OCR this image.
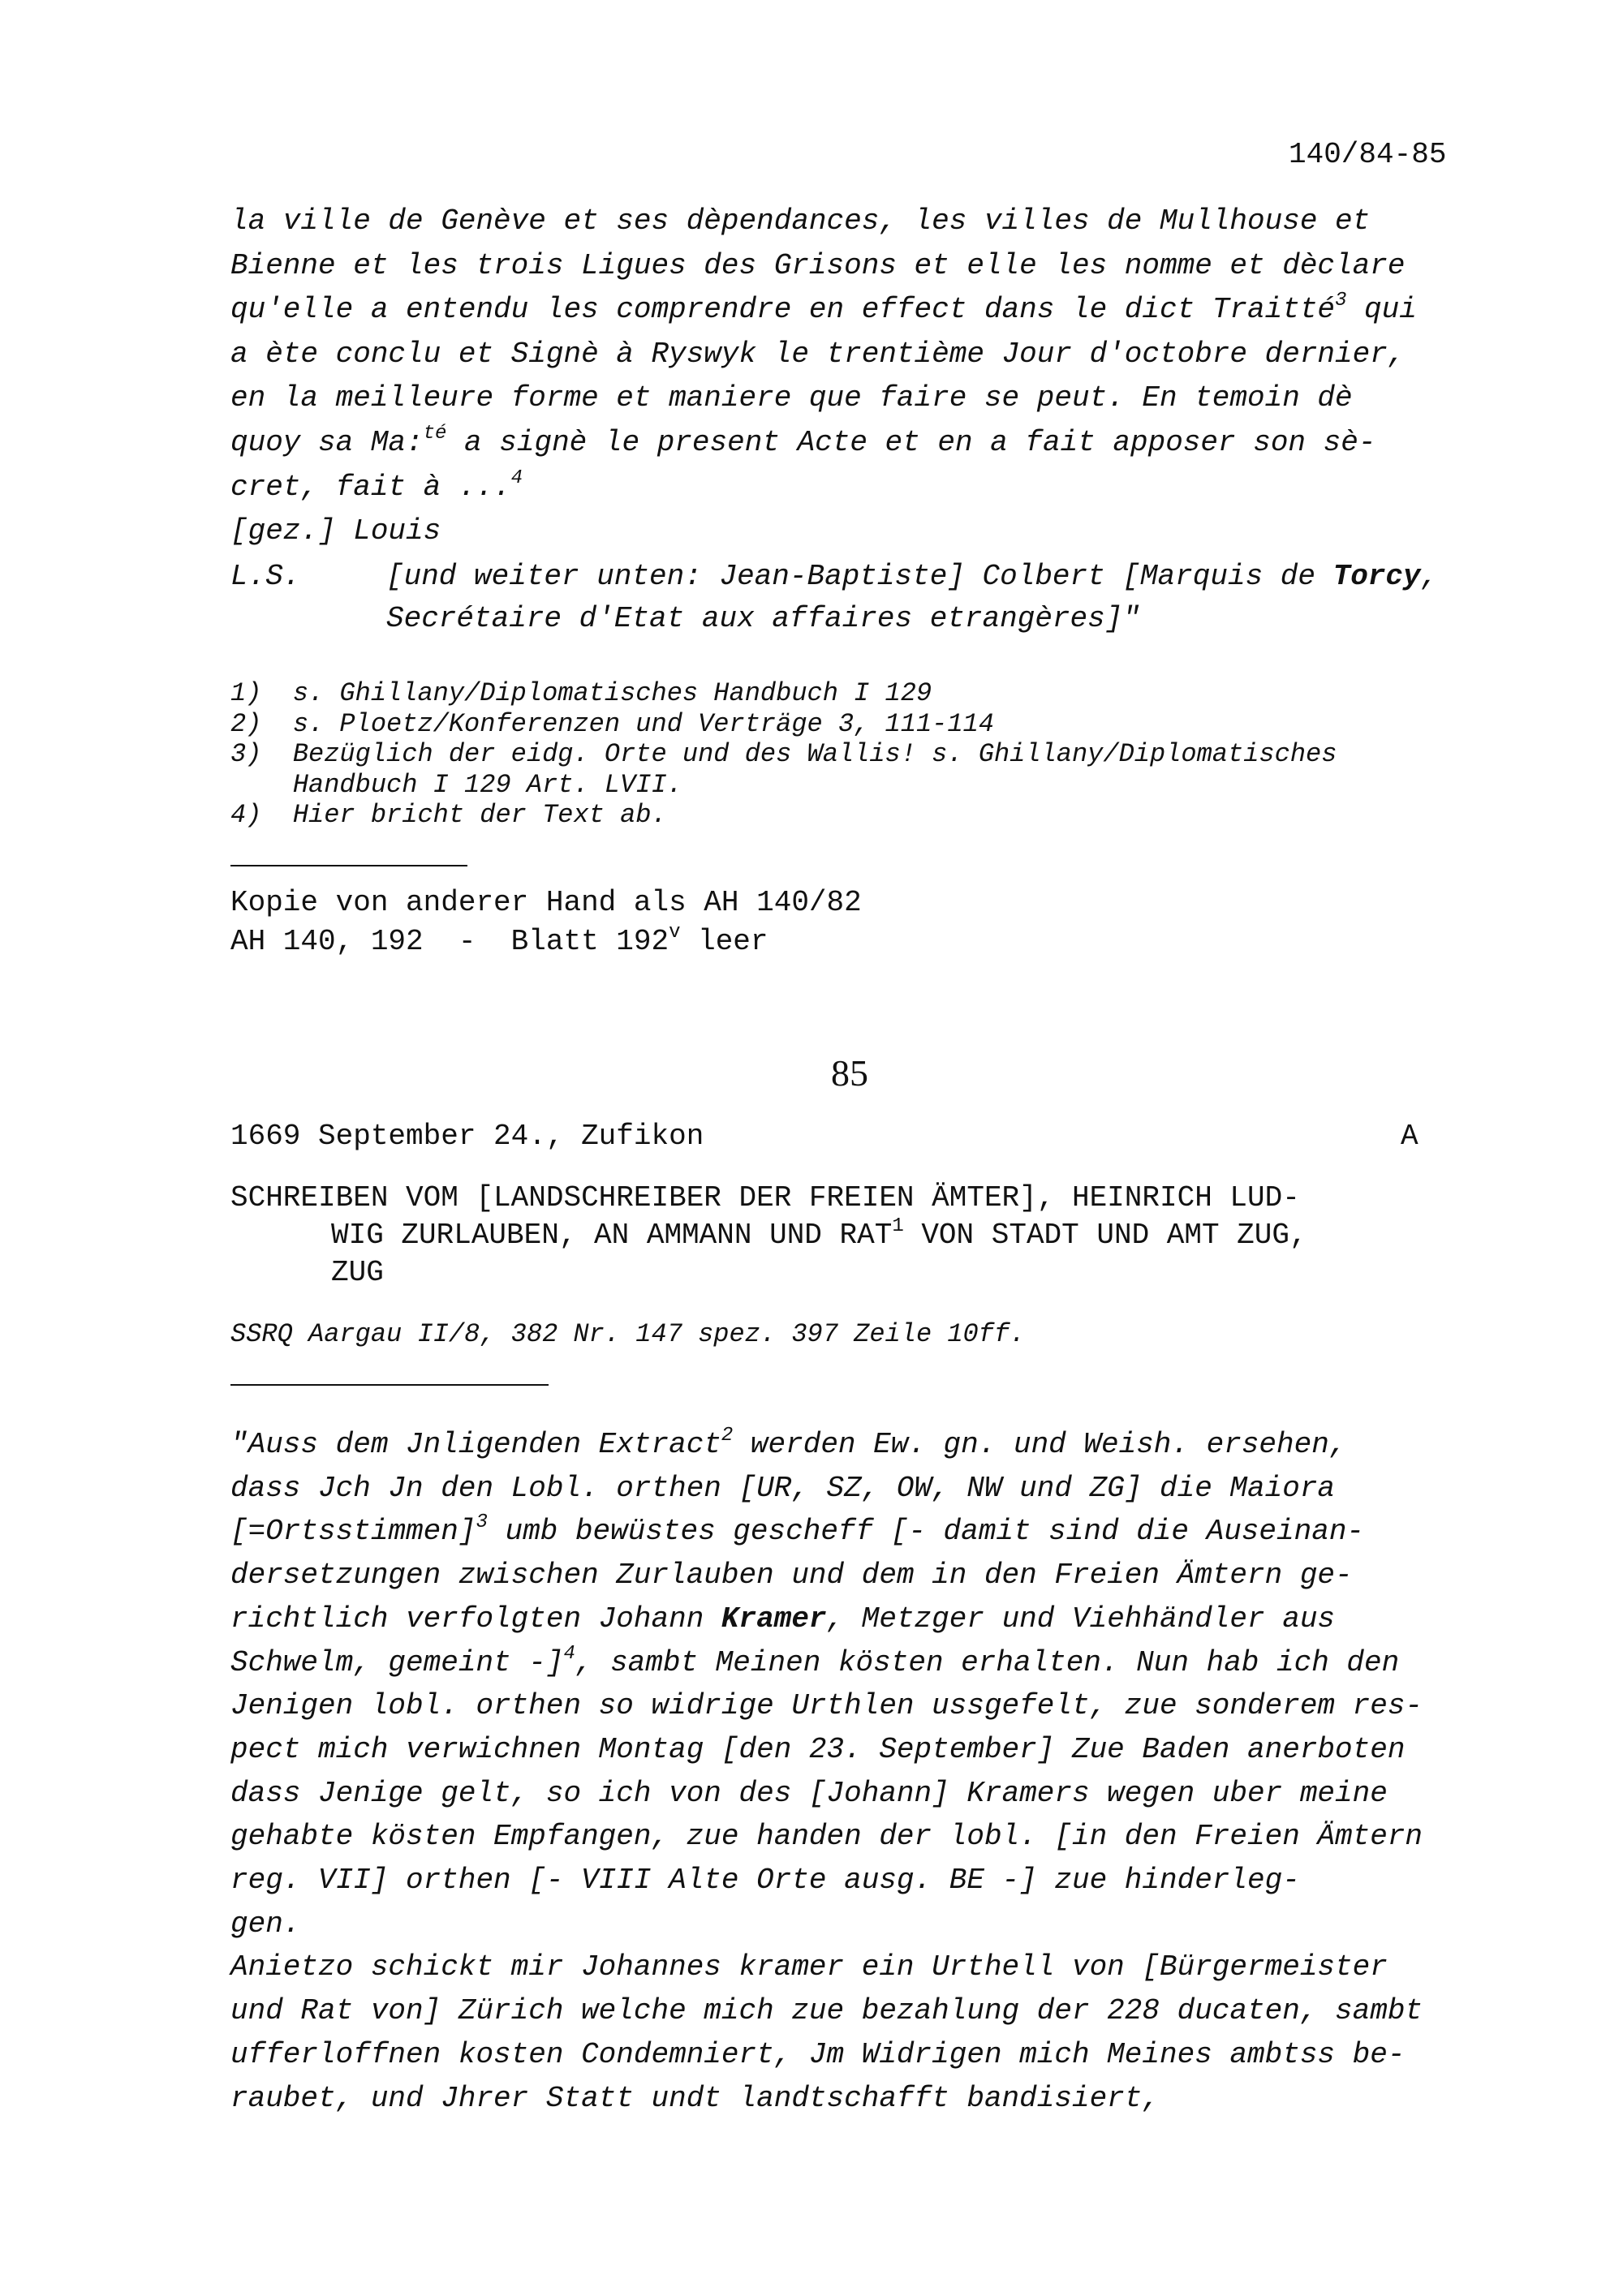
140/84-85
la ville de Genève et ses dèpendances, les villes de Mullhouse et
Bienne et les trois Ligues des Grisons et elle les nomme et dèclare
qu'elle a entendu les comprendre en effect dans le dict Traitté$^3$ qui
a ète conclu et Signè à Ryswyk le trentième Jour d'octobre dernier,
en la meilleure forme et maniere que faire se peut. En temoin dè
quoy sa Ma:$^{té}$ a signè le present Acte et en a fait apposer son sè-
cret, fait à ...$^4$
[gez.] Louis
L.S.	[und weiter unten: Jean-Baptiste] Colbert [Marquis de Torcy,
Secrétaire d'Etat aux affaires etrangères]"
1)  s. Ghillany/Diplomatisches Handbuch I 129
2)  s. Ploetz/Konferenzen und Verträge 3, 111-114
3)  Bezüglich der eidg. Orte und des Wallis! s. Ghillany/Diplomatisches
Handbuch I 129 Art. LVII.
4)  Hier bricht der Text ab.
Kopie von anderer Hand als AH 140/82
AH 140, 192  -  Blatt 192$^v$ leer
85
1669 September 24., Zufikon	A
SCHREIBEN VOM [LANDSCHREIBER DER FREIEN ÄMTER], HEINRICH LUD-
WIG ZURLAUBEN, AN AMMANN UND RAT$^1$ VON STADT UND AMT ZUG,
ZUG
SSRQ Aargau II/8, 382 Nr. 147 spez. 397 Zeile 10ff.
"Auss dem Jnligenden Extract$^2$ werden Ew. gn. und Weish. ersehen,
dass Jch Jn den Lobl. orthen [UR, SZ, OW, NW und ZG] die Maiora
[=Ortsstimmen]$^3$ umb bewüstes gescheff [- damit sind die Auseinan-
dersetzungen zwischen Zurlauben und dem in den Freien Ämtern ge-
richtlich verfolgten Johann Kramer, Metzger und Viehhändler aus
Schwelm, gemeint -]$^4$, sambt Meinen kösten erhalten. Nun hab ich den
Jenigen lobl. orthen so widrige Urthlen ussgefelt, zue sonderem res-
pect mich verwichnen Montag [den 23. September] Zue Baden anerboten
dass Jenige gelt, so ich von des [Johann] Kramers wegen uber meine
gehabte kösten Empfangen, zue handen der lobl. [in den Freien Ämtern
reg. VII] orthen [- VIII Alte Orte ausg. BE -] zue hinderleg-
gen.
Anietzo schickt mir Johannes kramer ein Urthell von [Bürgermeister
und Rat von] Zürich welche mich zue bezahlung der 228 ducaten, sambt
ufferloffnen kosten Condemniert, Jm Widrigen mich Meines ambtss be-
raubet, und Jhrer Statt undt landtschafft bandisiert,
